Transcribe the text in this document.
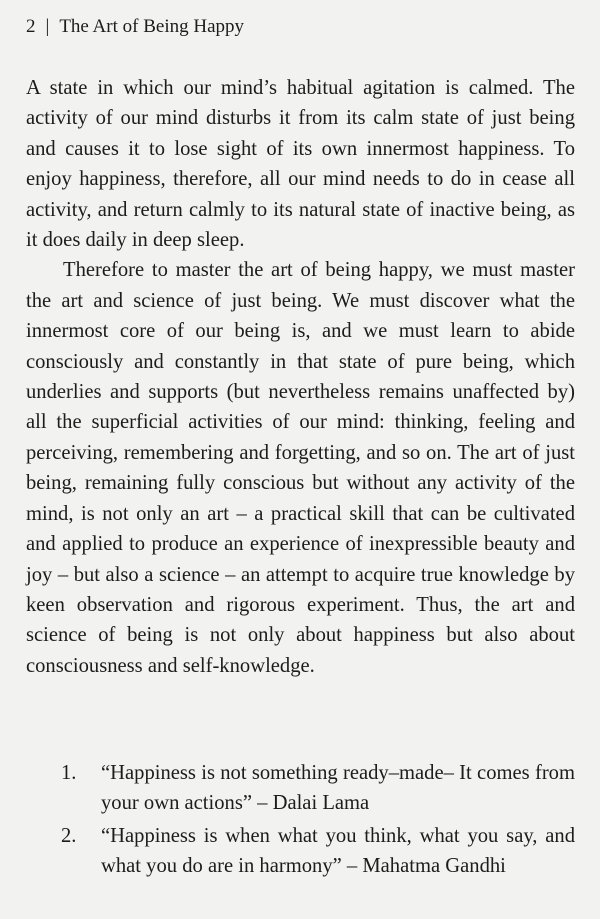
2 | The Art of Being Happy

A state in which our mind’s habitual agitation is calmed. The activity of our mind disturbs it from its calm state of just being and causes it to lose sight of its own innermost happiness. To enjoy happiness, therefore, all our mind needs to do in cease all activity, and return calmly to its natural state of inactive being, as it does daily in deep sleep.

Therefore to master the art of being happy, we must master the art and science of just being. We must discover what the innermost core of our being is, and we must learn to abide consciously and constantly in that state of pure being, which underlies and supports (but nevertheless remains unaffected by) all the superficial activities of our mind: thinking, feeling and perceiving, remembering and forgetting, and so on. The art of just being, remaining fully conscious but without any activity of the mind, is not only an art – a practical skill that can be cultivated and applied to produce an experience of inexpressible beauty and joy – but also a science – an attempt to acquire true knowledge by keen observation and rigorous experiment. Thus, the art and science of being is not only about happiness but also about consciousness and self-knowledge.

1. “Happiness is not something ready–made– It comes from your own actions” – Dalai Lama
2. “Happiness is when what you think, what you say, and what you do are in harmony” – Mahatma Gandhi
